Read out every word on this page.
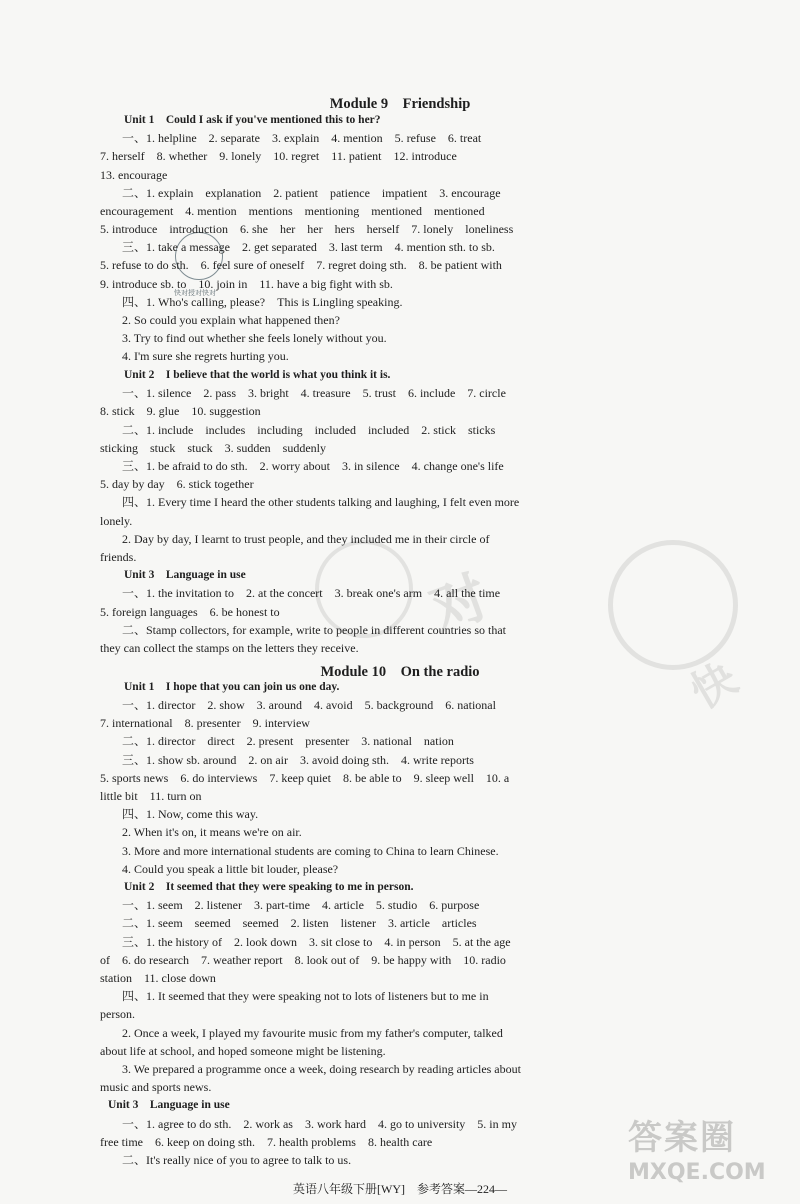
快
对
快对授对快对
Module 9　Friendship
Unit 1　Could I ask if you've mentioned this to her?
一、1. helpline　2. separate　3. explain　4. mention　5. refuse　6. treat
7. herself　8. whether　9. lonely　10. regret　11. patient　12. introduce
13. encourage
二、1. explain　explanation　2. patient　patience　impatient　3. encourage
encouragement　4. mention　mentions　mentioning　mentioned　mentioned
5. introduce　introduction　6. she　her　her　hers　herself　7. lonely　loneliness
三、1. take a message　2. get separated　3. last term　4. mention sth. to sb.
5. refuse to do sth.　6. feel sure of oneself　7. regret doing sth.　8. be patient with
9. introduce sb. to　10. join in　11. have a big fight with sb.
四、1. Who's calling, please?　This is Lingling speaking.
2. So could you explain what happened then?
3. Try to find out whether she feels lonely without you.
4. I'm sure she regrets hurting you.
Unit 2　I believe that the world is what you think it is.
一、1. silence　2. pass　3. bright　4. treasure　5. trust　6. include　7. circle
8. stick　9. glue　10. suggestion
二、1. include　includes　including　included　included　2. stick　sticks
sticking　stuck　stuck　3. sudden　suddenly
三、1. be afraid to do sth.　2. worry about　3. in silence　4. change one's life
5. day by day　6. stick together
四、1. Every time I heard the other students talking and laughing, I felt even more
lonely.
2. Day by day, I learnt to trust people, and they included me in their circle of
friends.
Unit 3　Language in use
一、1. the invitation to　2. at the concert　3. break one's arm　4. all the time
5. foreign languages　6. be honest to
二、Stamp collectors, for example, write to people in different countries so that
they can collect the stamps on the letters they receive.
Module 10　On the radio
Unit 1　I hope that you can join us one day.
一、1. director　2. show　3. around　4. avoid　5. background　6. national
7. international　8. presenter　9. interview
二、1. director　direct　2. present　presenter　3. national　nation
三、1. show sb. around　2. on air　3. avoid doing sth.　4. write reports
5. sports news　6. do interviews　7. keep quiet　8. be able to　9. sleep well　10. a
little bit　11. turn on
四、1. Now, come this way.
2. When it's on, it means we're on air.
3. More and more international students are coming to China to learn Chinese.
4. Could you speak a little bit louder, please?
Unit 2　It seemed that they were speaking to me in person.
一、1. seem　2. listener　3. part-time　4. article　5. studio　6. purpose
二、1. seem　seemed　seemed　2. listen　listener　3. article　articles
三、1. the history of　2. look down　3. sit close to　4. in person　5. at the age
of　6. do research　7. weather report　8. look out of　9. be happy with　10. radio
station　11. close down
四、1. It seemed that they were speaking not to lots of listeners but to me in
person.
2. Once a week, I played my favourite music from my father's computer, talked
about life at school, and hoped someone might be listening.
3. We prepared a programme once a week, doing research by reading articles about
music and sports news.
Unit 3　Language in use
一、1. agree to do sth.　2. work as　3. work hard　4. go to university　5. in my
free time　6. keep on doing sth.　7. health problems　8. health care
二、It's really nice of you to agree to talk to us.
答案圈
MXQE.COM
英语八年级下册[WY]　参考答案—224—
